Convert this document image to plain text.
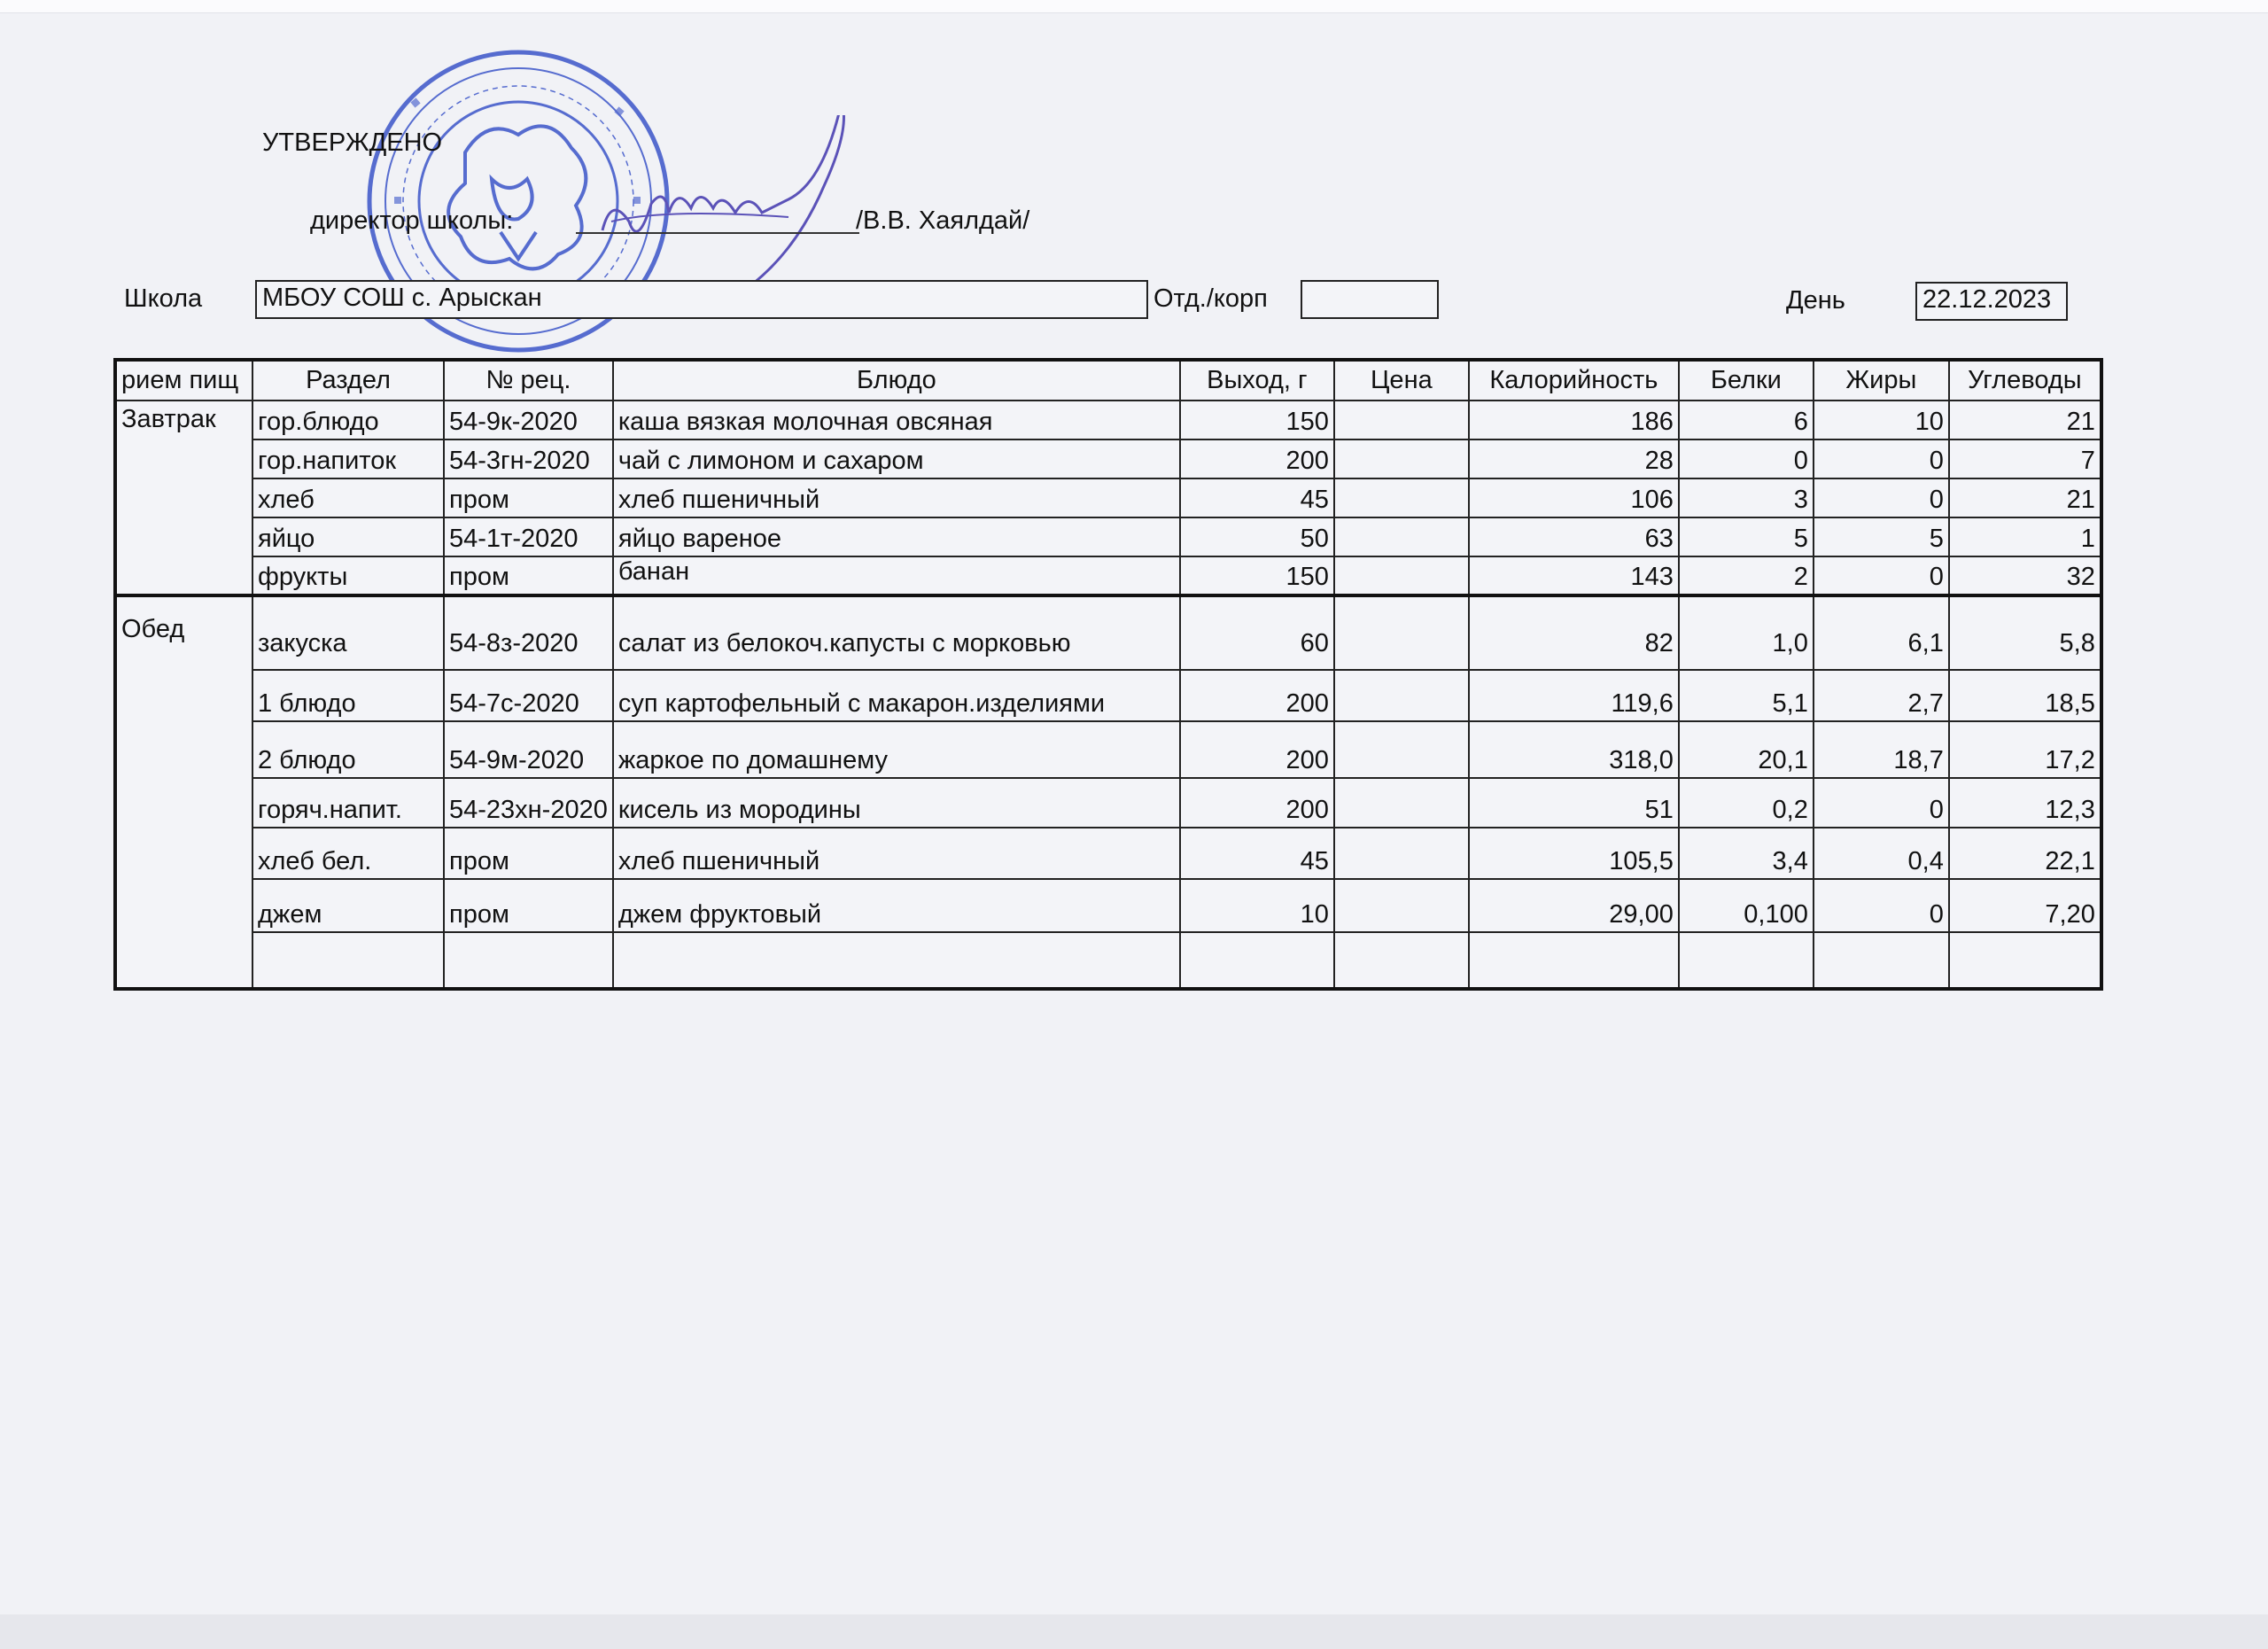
УТВЕРЖДЕНО
директор школы:	/В.В. Хаялдай/
Школа МБОУ СОШ с. Арыскан	Отд./корп	День	22.12.2023
рием пищ	Раздел	№ рец.	Блюдо	Выход, г	Цена	Калорийность	Белки	Жиры	Углеводы
Завтрак	гор.блюдо	54-9к-2020	каша вязкая молочная овсяная	150		186	6	10	21
	гор.напиток	54-3гн-2020	чай с лимоном и сахаром	200		28	0	0	7
	хлеб	пром	хлеб пшеничный	45		106	3	0	21
	яйцо	54-1т-2020	яйцо вареное	50		63	5	5	1
	фрукты	пром	банан	150		143	2	0	32
Обед	закуска	54-8з-2020	салат из белокоч.капусты с морковью	60		82	1,0	6,1	5,8
	1 блюдо	54-7с-2020	суп картофельный с макарон.изделиями	200		119,6	5,1	2,7	18,5
	2 блюдо	54-9м-2020	жаркое по домашнему	200		318,0	20,1	18,7	17,2
	горяч.напит.	54-23хн-2020	кисель из мородины	200		51	0,2	0	12,3
	хлеб бел.	пром	хлеб пшеничный	45		105,5	3,4	0,4	22,1
	джем	пром	джем фруктовый	10		29,00	0,100	0	7,20
